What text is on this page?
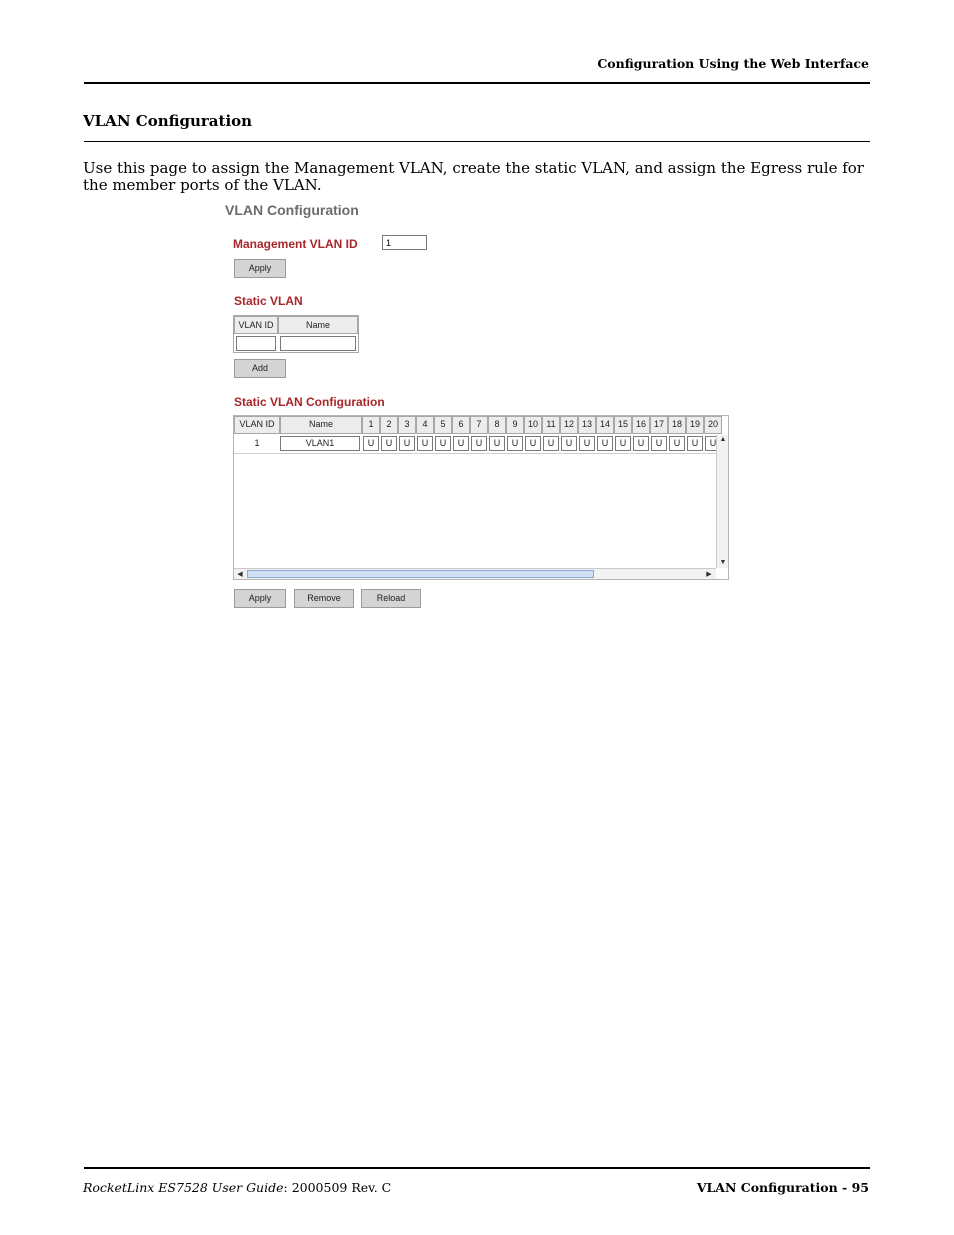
Configuration Using the Web Interface
VLAN Configuration
Use this page to assign the Management VLAN, create the static VLAN, and assign the Egress rule for the member ports of the VLAN.
VLAN Configuration
Management VLAN ID	1
Apply
Static VLAN
VLAN ID	Name
Add
Static VLAN Configuration
VLAN ID	Name	1	2	3	4	5	6	7	8	9	10 11 12 13 14 15 16 17 18 19 20
1	VLAN1	U	U	U	U	U	U	U	U	U	U	U	U	U	U	U	U	U	U	U	U ▲
▼
◀	▶
Apply	Remove	Reload
RocketLinx ES7528 User Guide: 2000509 Rev. C	VLAN Configuration - 95
